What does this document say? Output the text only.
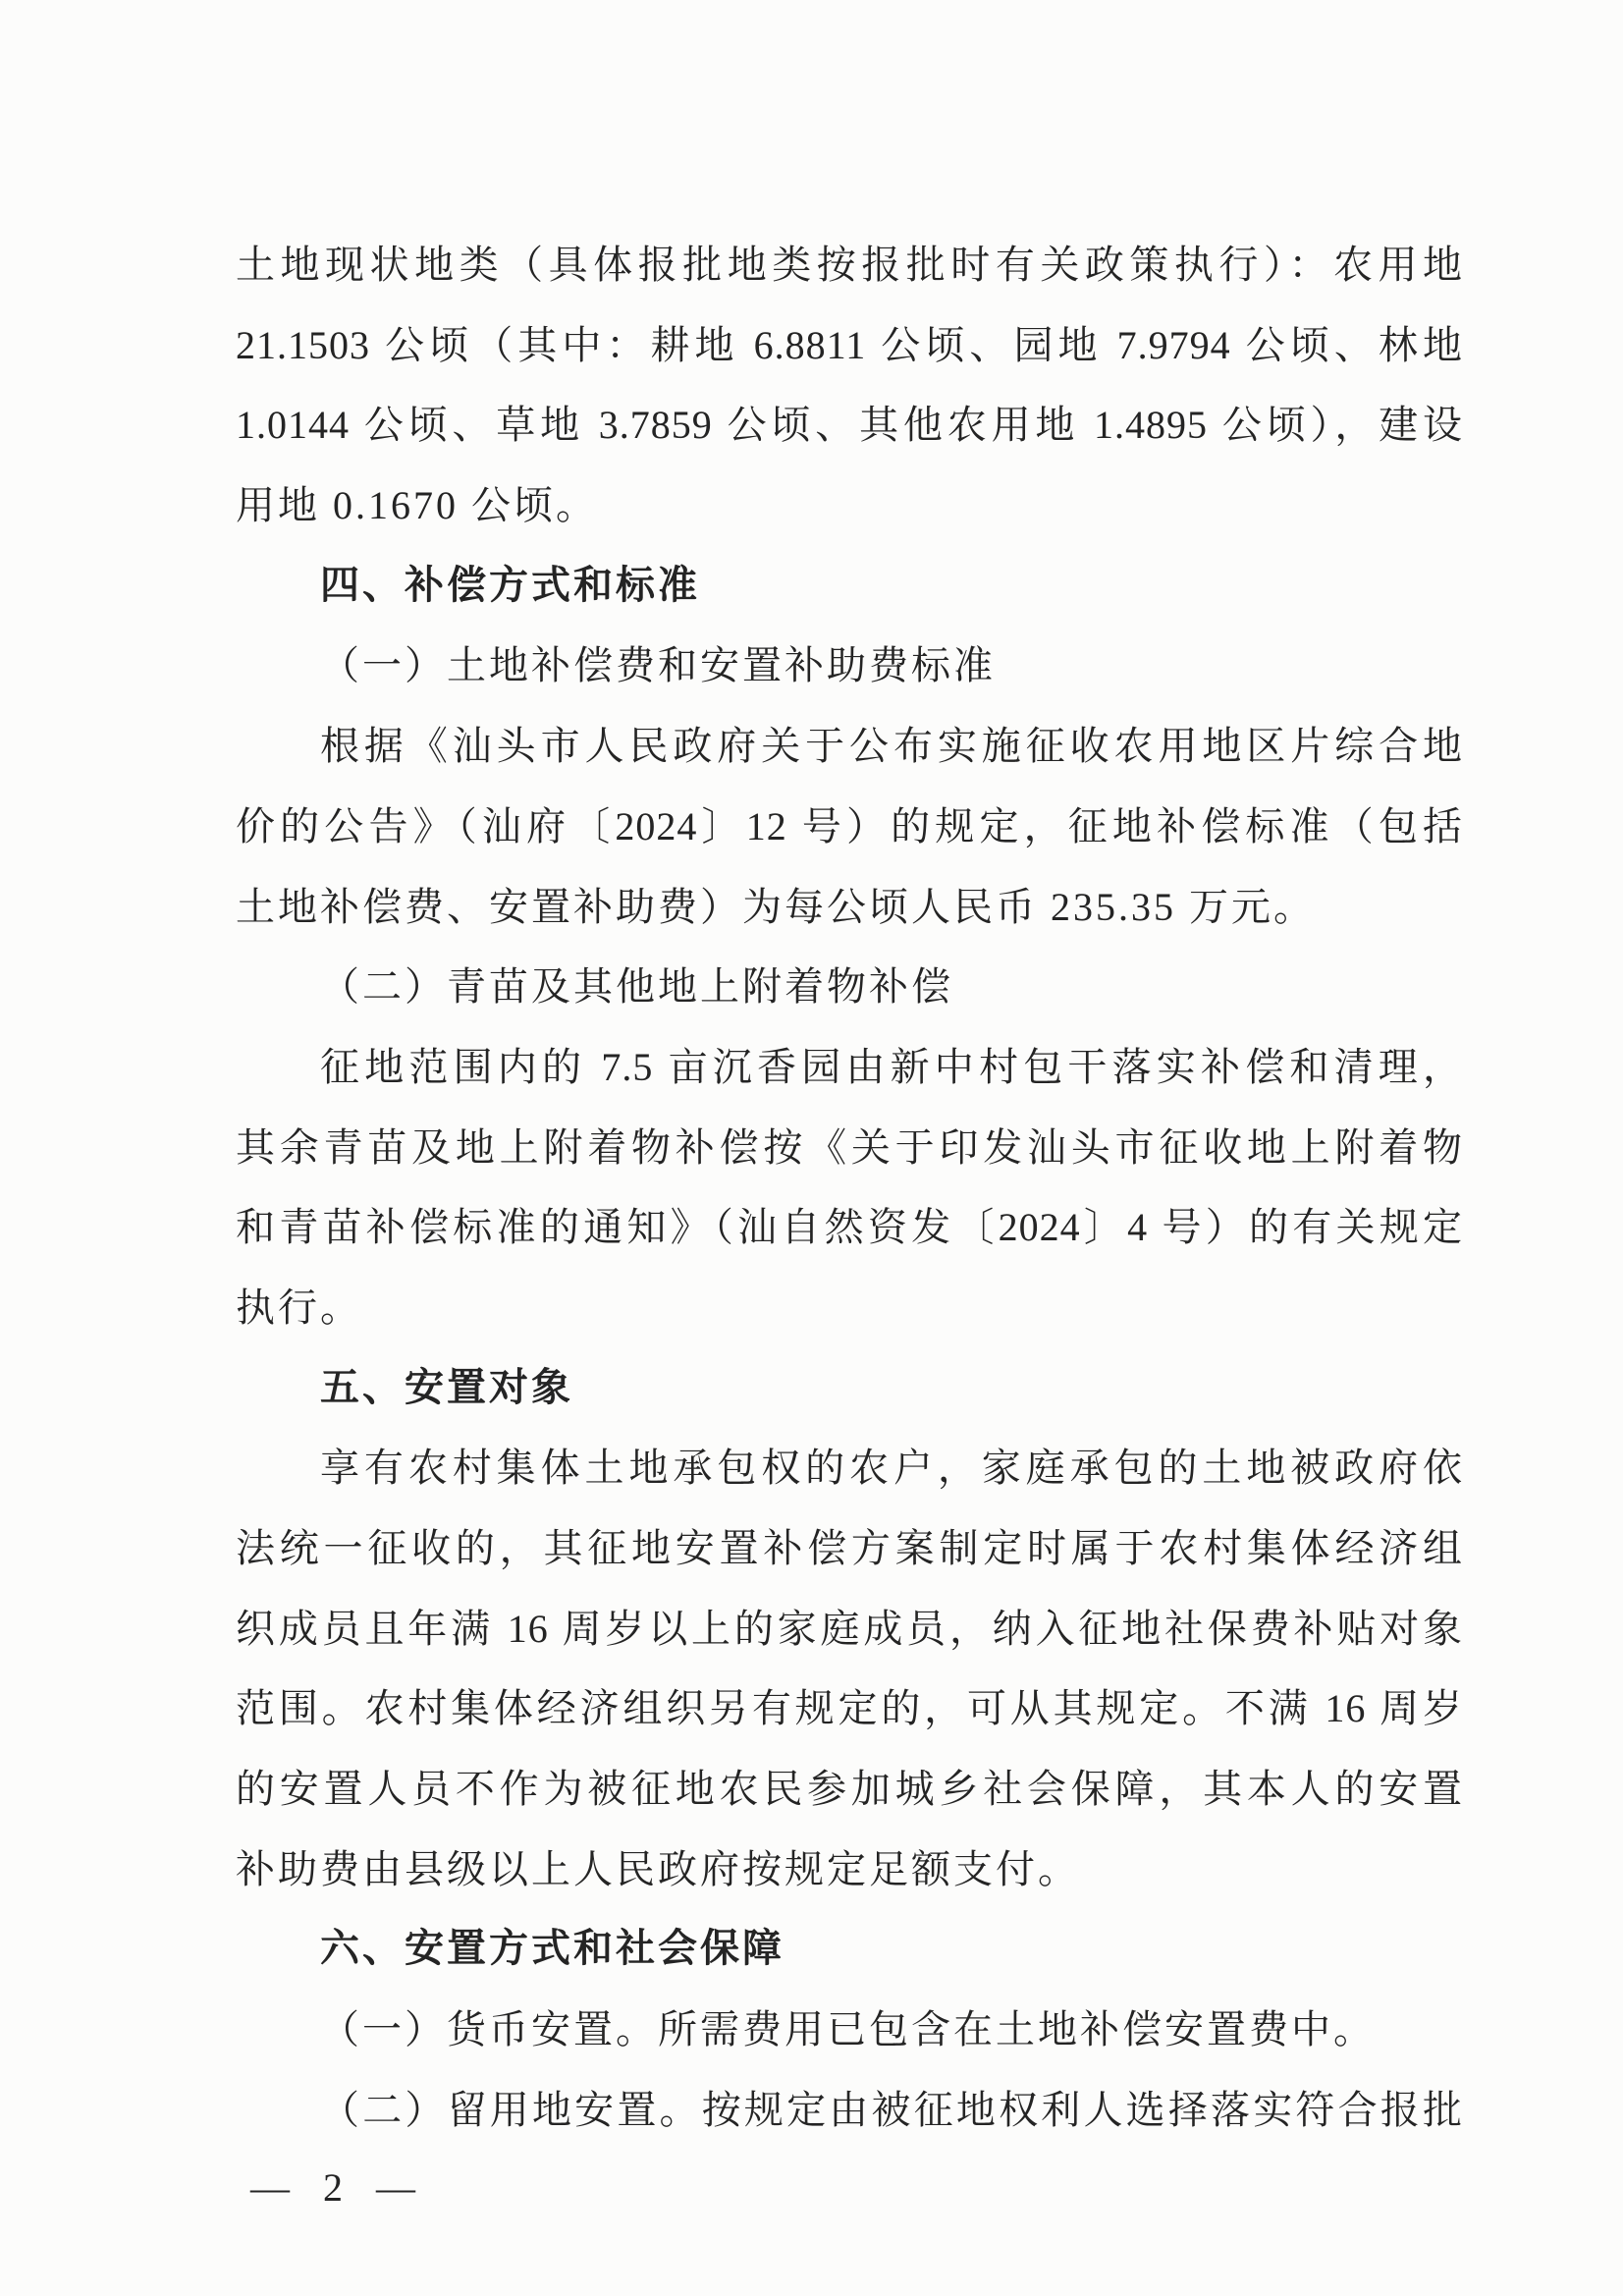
土地现状地类（具体报批地类按报批时有关政策执行）：农用地
21.1503 公顷（其中：耕地 6.8811 公顷、园地 7.9794 公顷、林地
1.0144 公顷、草地 3.7859 公顷、其他农用地 1.4895 公顷），建设
用地 0.1670 公顷。
四、补偿方式和标准
（一）土地补偿费和安置补助费标准
根据《汕头市人民政府关于公布实施征收农用地区片综合地
价的公告》（汕府〔2024〕12 号）的规定，征地补偿标准（包括
土地补偿费、安置补助费）为每公顷人民币 235.35 万元。
（二）青苗及其他地上附着物补偿
征地范围内的 7.5 亩沉香园由新中村包干落实补偿和清理，
其余青苗及地上附着物补偿按《关于印发汕头市征收地上附着物
和青苗补偿标准的通知》（汕自然资发〔2024〕4 号）的有关规定
执行。
五、安置对象
享有农村集体土地承包权的农户，家庭承包的土地被政府依
法统一征收的，其征地安置补偿方案制定时属于农村集体经济组
织成员且年满 16 周岁以上的家庭成员，纳入征地社保费补贴对象
范围。农村集体经济组织另有规定的，可从其规定。不满 16 周岁
的安置人员不作为被征地农民参加城乡社会保障，其本人的安置
补助费由县级以上人民政府按规定足额支付。
六、安置方式和社会保障
（一）货币安置。所需费用已包含在土地补偿安置费中。
（二）留用地安置。按规定由被征地权利人选择落实符合报批
— 2 —
